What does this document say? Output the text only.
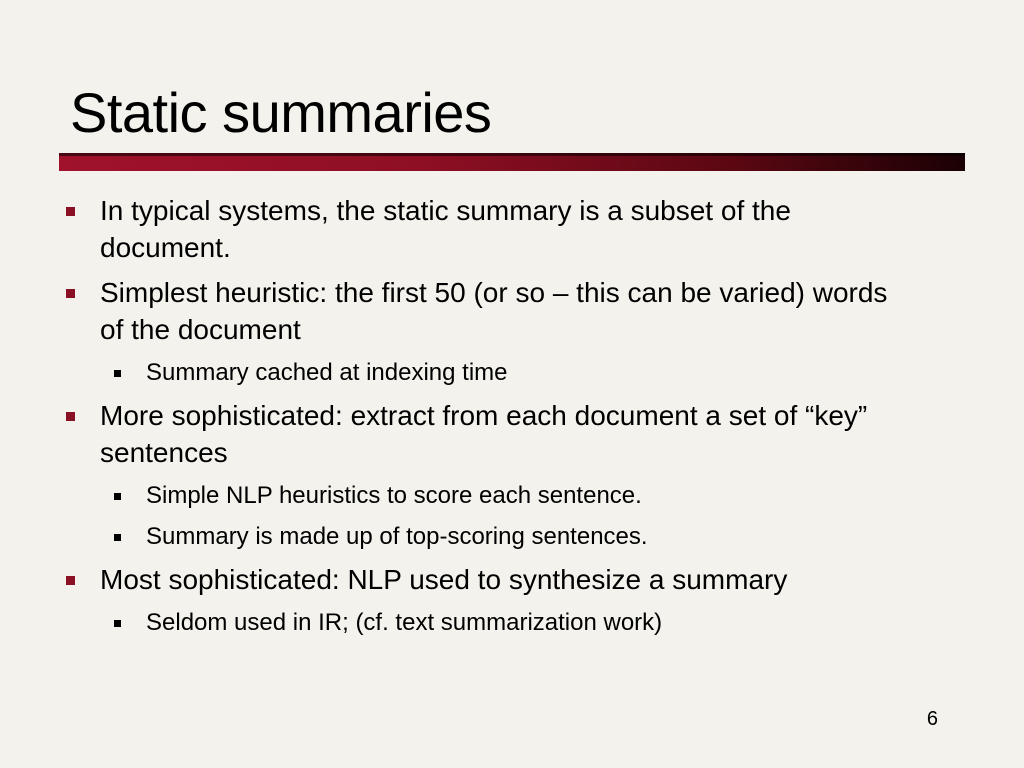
Static summaries
In typical systems, the static summary is a subset of the document.
Simplest heuristic: the first 50 (or so – this can be varied) words of the document
Summary cached at indexing time
More sophisticated: extract from each document a set of “key” sentences
Simple NLP heuristics to score each sentence.
Summary is made up of top-scoring sentences.
Most sophisticated: NLP used to synthesize a summary
Seldom used in IR; (cf. text summarization work)
6
